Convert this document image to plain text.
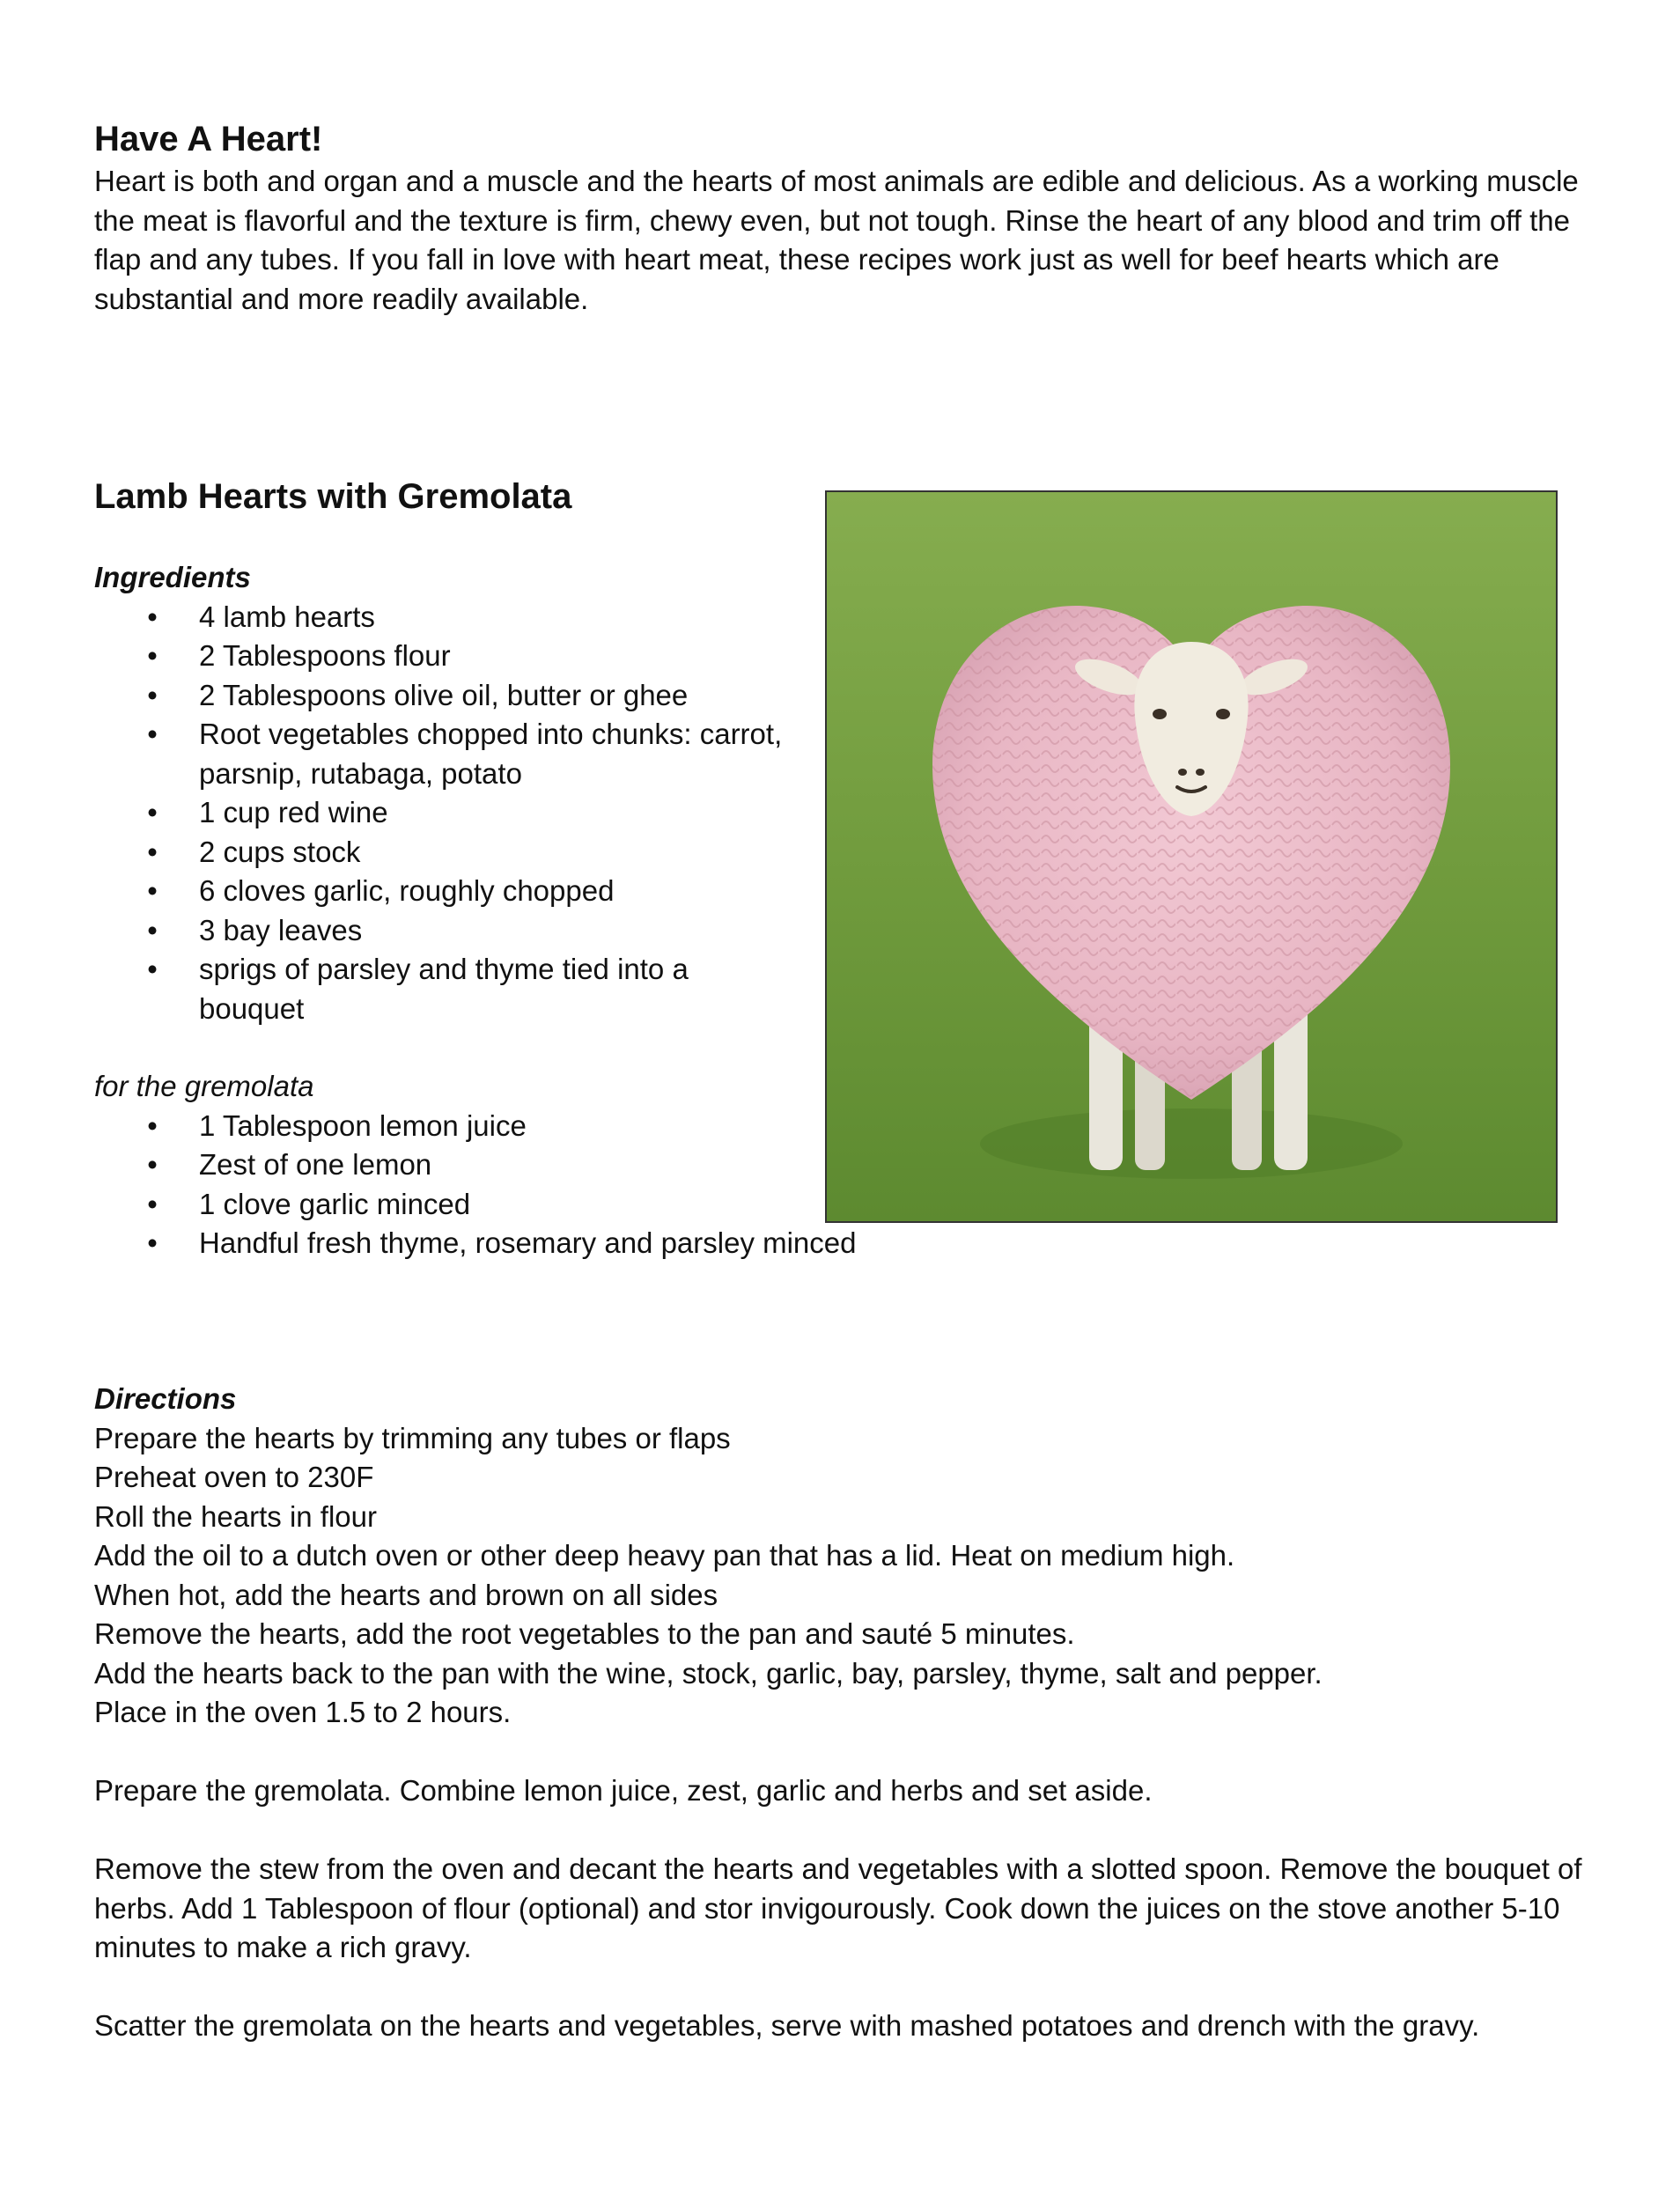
Have A Heart!

Heart is both and organ and a muscle and the hearts of most animals are edible and delicious. As a working muscle the meat is flavorful and the texture is firm, chewy even, but not tough. Rinse the heart of any blood and trim off the flap and any tubes. If you fall in love with heart meat, these recipes work just as well for beef hearts which are substantial and more readily available.

Lamb Hearts with Gremolata

Ingredients

• 4 lamb hearts
• 2 Tablespoons flour
• 2 Tablespoons olive oil, butter or ghee
• Root vegetables chopped into chunks: carrot, parsnip, rutabaga, potato
• 1 cup red wine
• 2 cups stock
• 6 cloves garlic, roughly chopped
• 3 bay leaves
• sprigs of parsley and thyme tied into a bouquet

for the gremolata

• 1 Tablespoon lemon juice
• Zest of one lemon
• 1 clove garlic minced
• Handful fresh thyme, rosemary and parsley minced

Directions

Prepare the hearts by trimming any tubes or flaps

Preheat oven to 230F

Roll the hearts in flour

Add the oil to a dutch oven or other deep heavy pan that has a lid. Heat on medium high.

When hot, add the hearts and brown on all sides

Remove the hearts, add the root vegetables to the pan and sauté 5 minutes.

Add the hearts back to the pan with the wine, stock, garlic, bay, parsley, thyme, salt and pepper.

Place in the oven 1.5 to 2 hours.

Prepare the gremolata. Combine lemon juice, zest, garlic and herbs and set aside.

Remove the stew from the oven and decant the hearts and vegetables with a slotted spoon. Remove the bouquet of herbs. Add 1 Tablespoon of flour (optional) and stor invigourously. Cook down the juices on the stove another 5-10 minutes to make a rich gravy.

Scatter the gremolata on the hearts and vegetables, serve with mashed potatoes and drench with the gravy.
